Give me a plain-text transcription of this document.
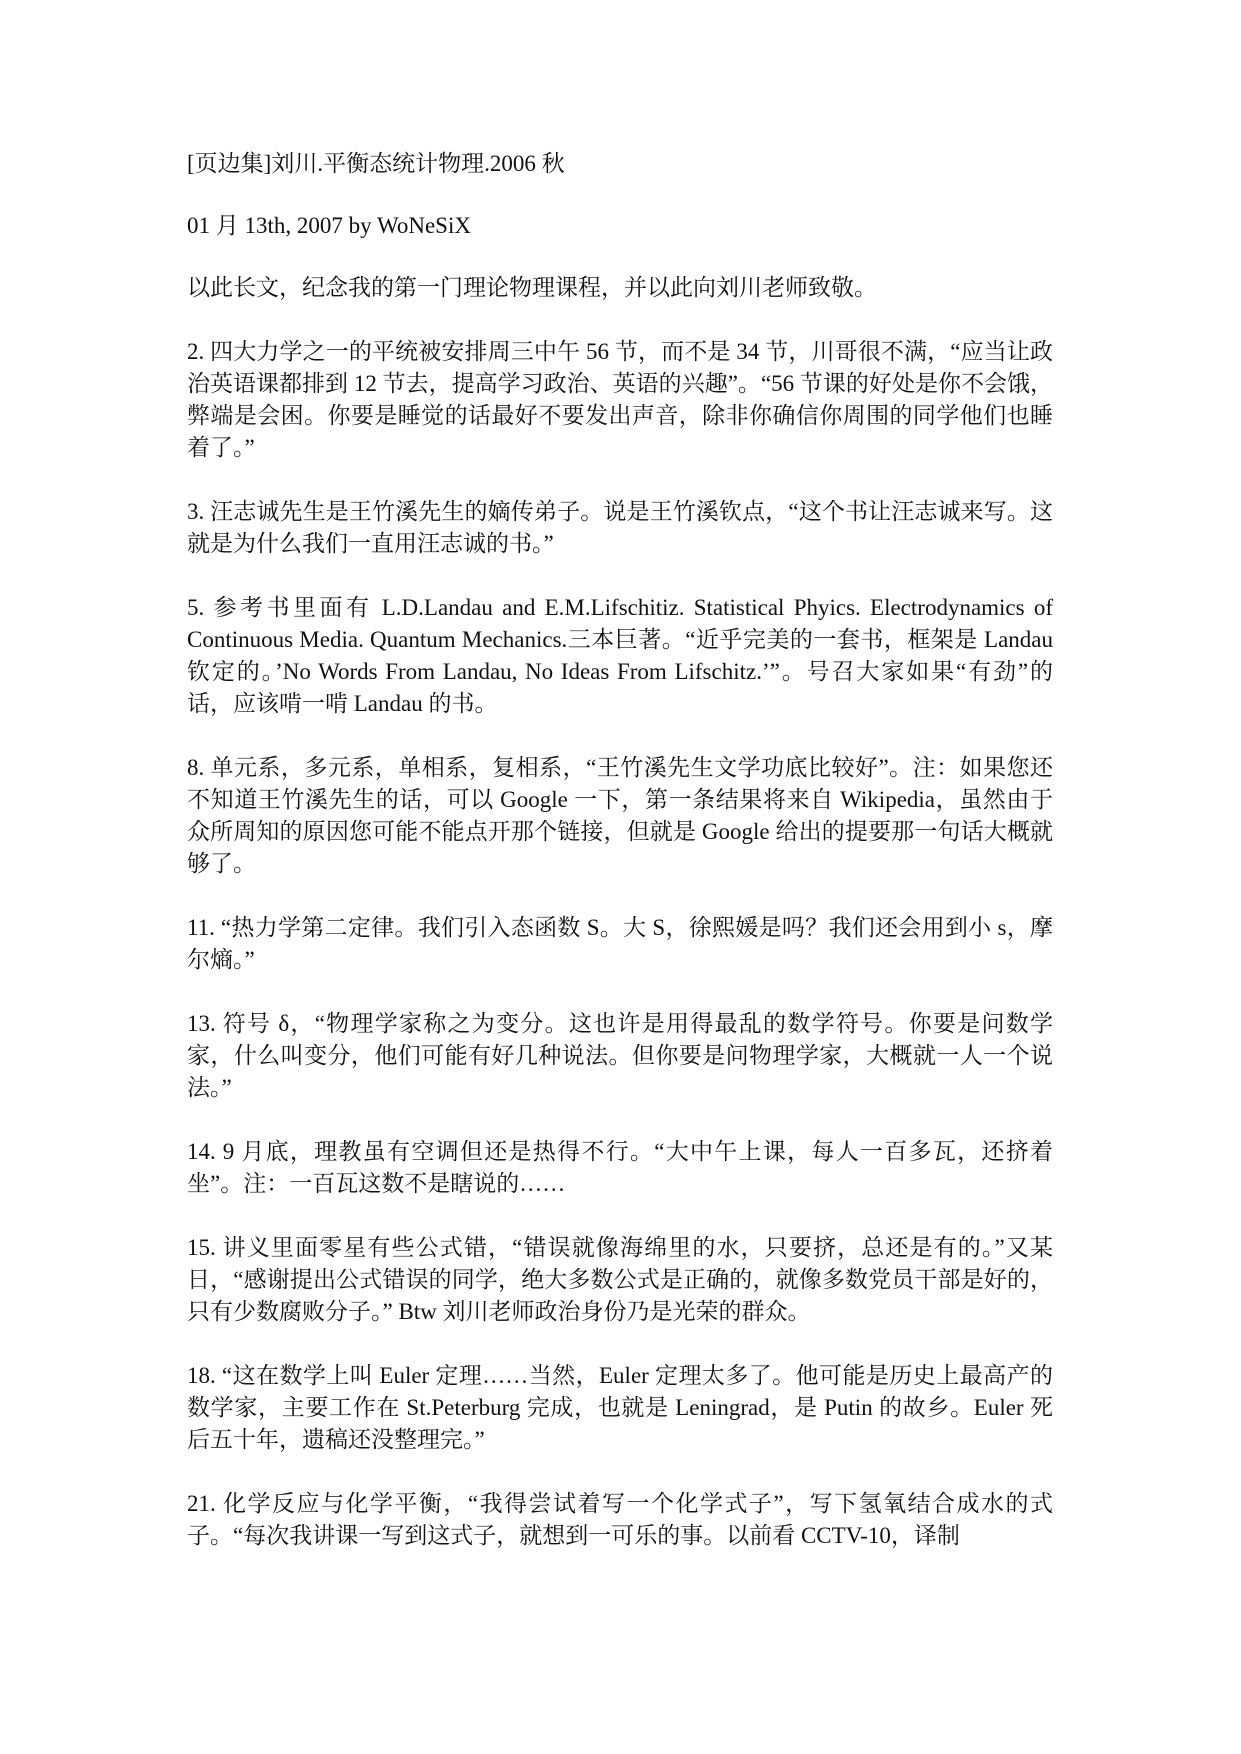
[页边集]刘川.平衡态统计物理.2006 秋

01 月 13th, 2007 by WoNeSiX

以此长文，纪念我的第一门理论物理课程，并以此向刘川老师致敬。

2. 四大力学之一的平统被安排周三中午 56 节，而不是 34 节，川哥很不满，“应当让政治英语课都排到 12 节去，提高学习政治、英语的兴趣”。“56 节课的好处是你不会饿，弊端是会困。你要是睡觉的话最好不要发出声音，除非你确信你周围的同学他们也睡着了。”

3. 汪志诚先生是王竹溪先生的嫡传弟子。说是王竹溪钦点，“这个书让汪志诚来写。这就是为什么我们一直用汪志诚的书。”

5. 参考书里面有 L.D.Landau and E.M.Lifschitiz. Statistical Phyics. Electrodynamics of Continuous Media. Quantum Mechanics.三本巨著。“近乎完美的一套书，框架是 Landau 钦定的。’No Words From Landau, No Ideas From Lifschitz.’”。号召大家如果“有劲”的话，应该啃一啃 Landau 的书。

8. 单元系，多元系，单相系，复相系，“王竹溪先生文学功底比较好”。注：如果您还不知道王竹溪先生的话，可以 Google 一下，第一条结果将来自 Wikipedia，虽然由于众所周知的原因您可能不能点开那个链接，但就是 Google 给出的提要那一句话大概就够了。

11. “热力学第二定律。我们引入态函数 S。大 S，徐熙媛是吗？我们还会用到小 s，摩尔熵。”

13. 符号 δ，“物理学家称之为变分。这也许是用得最乱的数学符号。你要是问数学家，什么叫变分，他们可能有好几种说法。但你要是问物理学家，大概就一人一个说法。”

14. 9 月底，理教虽有空调但还是热得不行。“大中午上课，每人一百多瓦，还挤着坐”。注：一百瓦这数不是瞎说的……

15. 讲义里面零星有些公式错，“错误就像海绵里的水，只要挤，总还是有的。”又某日，“感谢提出公式错误的同学，绝大多数公式是正确的，就像多数党员干部是好的，只有少数腐败分子。” Btw 刘川老师政治身份乃是光荣的群众。

18. “这在数学上叫 Euler 定理……当然，Euler 定理太多了。他可能是历史上最高产的数学家，主要工作在 St.Peterburg 完成，也就是 Leningrad，是 Putin 的故乡。Euler 死后五十年，遗稿还没整理完。”

21. 化学反应与化学平衡，“我得尝试着写一个化学式子”，写下氢氧结合成水的式子。“每次我讲课一写到这式子，就想到一可乐的事。以前看 CCTV-10，译制
